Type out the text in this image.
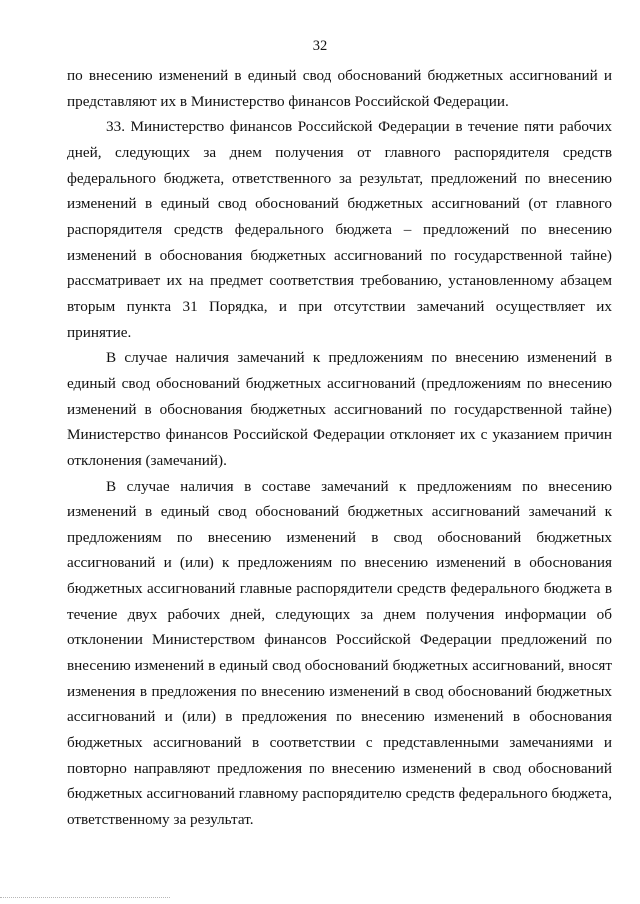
32

по внесению изменений в единый свод обоснований бюджетных ассигнований и представляют их в Министерство финансов Российской Федерации.

33. Министерство финансов Российской Федерации в течение пяти рабочих дней, следующих за днем получения от главного распорядителя средств федерального бюджета, ответственного за результат, предложений по внесению изменений в единый свод обоснований бюджетных ассигнований (от главного распорядителя средств федерального бюджета – предложений по внесению изменений в обоснования бюджетных ассигнований по государственной тайне) рассматривает их на предмет соответствия требованию, установленному абзацем вторым пункта 31 Порядка, и при отсутствии замечаний осуществляет их принятие.

В случае наличия замечаний к предложениям по внесению изменений в единый свод обоснований бюджетных ассигнований (предложениям по внесению изменений в обоснования бюджетных ассигнований по государственной тайне) Министерство финансов Российской Федерации отклоняет их с указанием причин отклонения (замечаний).

В случае наличия в составе замечаний к предложениям по внесению изменений в единый свод обоснований бюджетных ассигнований замечаний к предложениям по внесению изменений в свод обоснований бюджетных ассигнований и (или) к предложениям по внесению изменений в обоснования бюджетных ассигнований главные распорядители средств федерального бюджета в течение двух рабочих дней, следующих за днем получения информации об отклонении Министерством финансов Российской Федерации предложений по внесению изменений в единый свод обоснований бюджетных ассигнований, вносят изменения в предложения по внесению изменений в свод обоснований бюджетных ассигнований и (или) в предложения по внесению изменений в обоснования бюджетных ассигнований в соответствии с представленными замечаниями и повторно направляют предложения по внесению изменений в свод обоснований бюджетных ассигнований главному распорядителю средств федерального бюджета, ответственному за результат.
